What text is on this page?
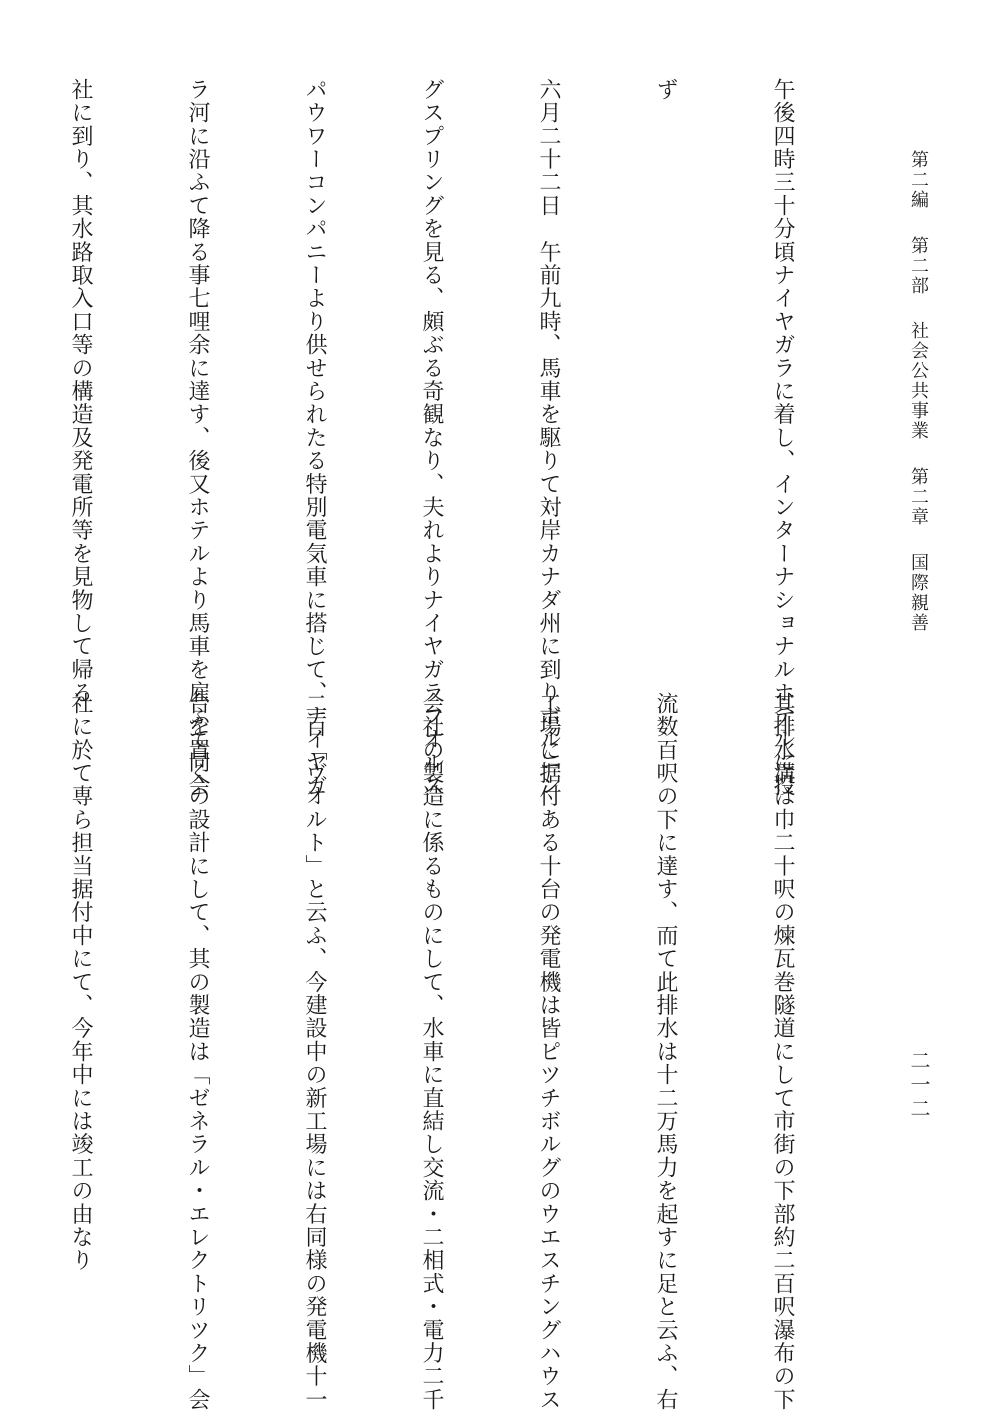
第二編 第二部 社会公共事業 第二章 国際親善
二一二

午後四時三十分頃ナイヤガラに着し、インターナショナルホテルに投

ず

六月二十二日　午前九時、馬車を駆りて対岸カナダ州に到りボルニン

グスプリングを見る、頗ぶる奇観なり、夫れよりナイヤガラフオルス

パウワーコンパニーより供せられたる特別電気車に搭じて、ナイヤガ

ラ河に沿ふて降る事七哩余に達す、後又ホテルより馬車を雇ふて同会

社に到り、其水路取入口等の構造及発電所等を見物して帰る

其排水溝は巾二十呎の煉瓦巻隧道にして市街の下部約二百呎瀑布の下

流数百呎の下に達す、而て此排水は十二万馬力を起すに足と云ふ、右

工場に据付ある十台の発電機は皆ピツチボルグのウエスチングハウス

会社の製造に係るものにして、水車に直結し交流・二相式・電力二千

二百「ヴオルト」と云ふ、今建設中の新工場には右同様の発電機十一

台を置くの設計にして、其の製造は「ゼネラル・エレクトリツク」会

社に於て専ら担当据付中にて、今年中には竣工の由なり
